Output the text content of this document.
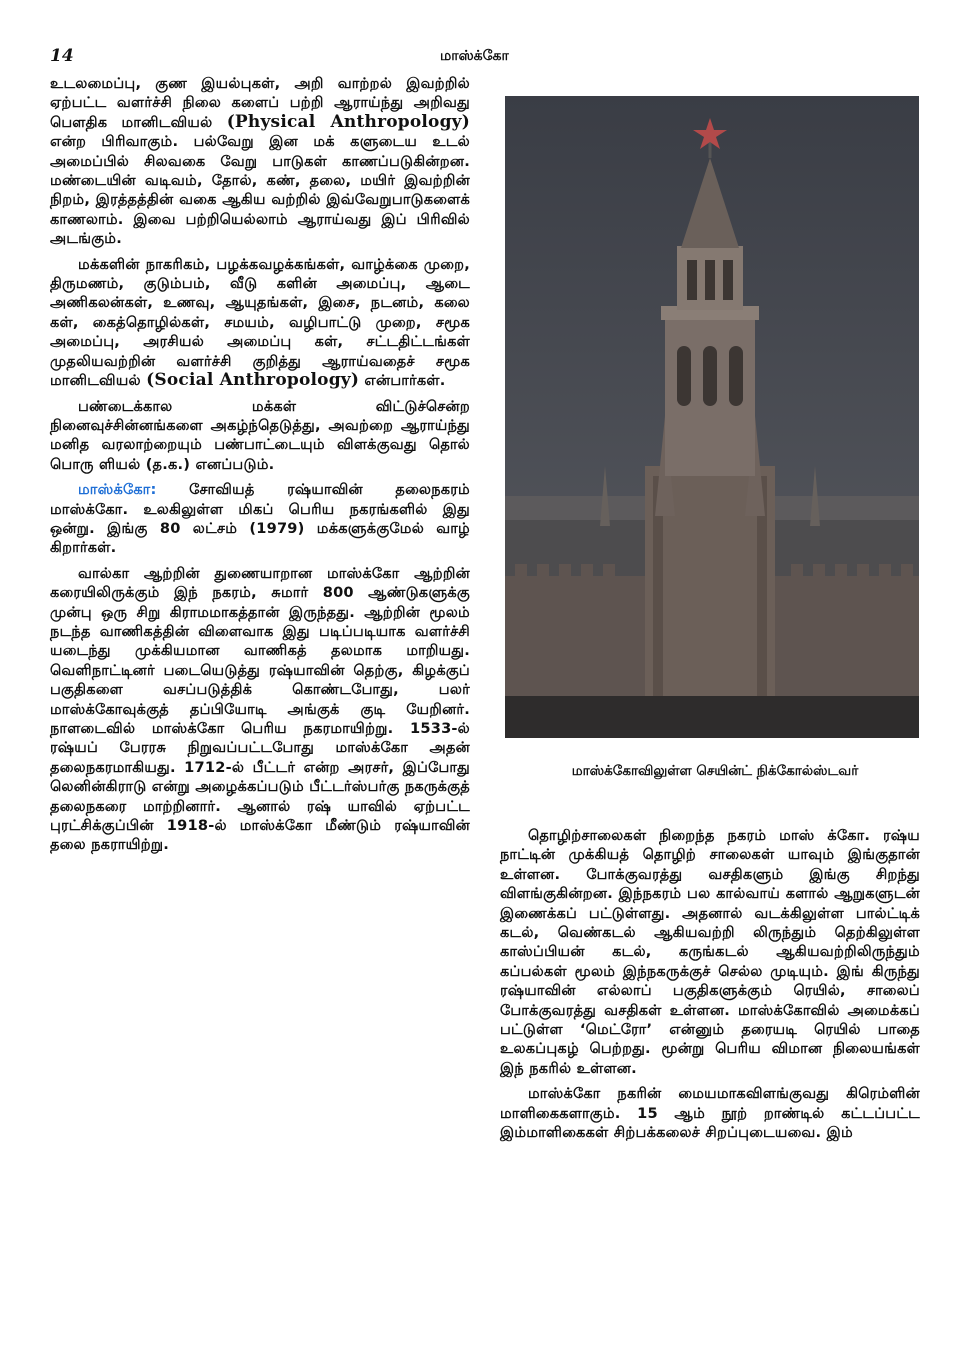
14	மாஸ்க்கோ

உடலமைப்பு, குண இயல்புகள், அறி வாற்றல் இவற்றில் ஏற்பட்ட வளர்ச்சி நிலை களைப் பற்றி ஆராய்ந்து அறிவது பௌதிக மானிடவியல் (Physical Anthropology) என்ற பிரிவாகும். பல்வேறு இன மக் களுடைய உடல் அமைப்பில் சிலவகை வேறு பாடுகள் காணப்படுகின்றன. மண்டையின் வடிவம், தோல், கண், தலை, மயிர் இவற்றின் நிறம், இரத்தத்தின் வகை ஆகிய வற்றில் இவ்வேறுபாடுகளைக் காணலாம். இவை பற்றியெல்லாம் ஆராய்வது இப் பிரிவில் அடங்கும்.

மக்களின் நாகரிகம், பழக்கவழக்கங்கள், வாழ்க்கை முறை, திருமணம், குடும்பம், வீடு களின் அமைப்பு, ஆடை அணிகலன்கள், உணவு, ஆயுதங்கள், இசை, நடனம், கலை கள், கைத்தொழில்கள், சமயம், வழிபாட்டு முறை, சமூக அமைப்பு, அரசியல் அமைப்பு கள், சட்டதிட்டங்கள் முதலியவற்றின் வளர்ச்சி குறித்து ஆராய்வதைச் சமூக மானிடவியல் (Social Anthropology) என்பார்கள்.

பண்டைக்கால மக்கள் விட்டுச்சென்ற நினைவுச்சின்னங்களை அகழ்ந்தெடுத்து, அவற்றை ஆராய்ந்து மனித வரலாற்றையும் பண்பாட்டையும் விளக்குவது தொல் பொரு ளியல் (த.க.) எனப்படும்.

மாஸ்க்கோ: சோவியத் ரஷ்யாவின் தலைநகரம் மாஸ்க்கோ. உலகிலுள்ள மிகப் பெரிய நகரங்களில் இது ஒன்று. இங்கு 80 லட்சம் (1979) மக்களுக்குமேல் வாழ் கிறார்கள்.

வால்கா ஆற்றின் துணையாறான மாஸ்க்கோ ஆற்றின் கரையிலிருக்கும் இந் நகரம், சுமார் 800 ஆண்டுகளுக்கு முன்பு ஒரு சிறு கிராமமாகத்தான் இருந்தது. ஆற்றின் மூலம் நடந்த வாணிகத்தின் விளைவாக இது படிப்படியாக வளர்ச்சி யடைந்து முக்கியமான வாணிகத் தலமாக மாறியது. வெளிநாட்டினர் படையெடுத்து ரஷ்யாவின் தெற்கு, கிழக்குப் பகுதிகளை வசப்படுத்திக் கொண்டபோது, பலர் மாஸ்க்கோவுக்குத் தப்பியோடி அங்குக் குடி யேறினர். நாளடைவில் மாஸ்க்கோ பெரிய நகரமாயிற்று. 1533-ல் ரஷ்யப் பேரரசு நிறுவப்பட்டபோது மாஸ்க்கோ அதன் தலைநகரமாகியது. 1712-ல் பீட்டர் என்ற அரசர், இப்போது லெனின்கிராடு என்று அழைக்கப்படும் பீட்டர்ஸ்பர்கு நகருக்குத் தலைநகரை மாற்றினார். ஆனால் ரஷ் யாவில் ஏற்பட்ட புரட்சிக்குப்பின் 1918-ல் மாஸ்க்கோ மீண்டும் ரஷ்யாவின் தலை நகராயிற்று.

மாஸ்க்கோவிலுள்ள செயின்ட் நிக்கோல்ஸ்டவர்

தொழிற்சாலைகள் நிறைந்த நகரம் மாஸ் க்கோ. ரஷ்ய நாட்டின் முக்கியத் தொழிற் சாலைகள் யாவும் இங்குதான் உள்ளன. போக்குவரத்து வசதிகளும் இங்கு சிறந்து விளங்குகின்றன. இந்நகரம் பல கால்வாய் களால் ஆறுகளுடன் இணைக்கப் பட்டுள்ளது. அதனால் வடக்கிலுள்ள பால்ட்டிக் கடல், வெண்கடல் ஆகியவற்றி லிருந்தும் தெற்கிலுள்ள காஸ்ப்பியன் கடல், கருங்கடல் ஆகியவற்றிலிருந்தும் கப்பல்கள் மூலம் இந்நகருக்குச் செல்ல முடியும். இங் கிருந்து ரஷ்யாவின் எல்லாப் பகுதிகளுக்கும் ரெயில், சாலைப் போக்குவரத்து வசதிகள் உள்ளன. மாஸ்க்கோவில் அமைக்கப் பட்டுள்ள ‘மெட்ரோ’ என்னும் தரையடி ரெயில் பாதை உலகப்புகழ் பெற்றது. மூன்று பெரிய விமான நிலையங்கள் இந் நகரில் உள்ளன.

மாஸ்க்கோ நகரின் மையமாகவிளங்குவது கிரெம்ளின் மாளிகைகளாகும். 15 ஆம் நூற் றாண்டில் கட்டப்பட்ட இம்மாளிகைகள் சிற்பக்கலைச் சிறப்புடையவை. இம்
